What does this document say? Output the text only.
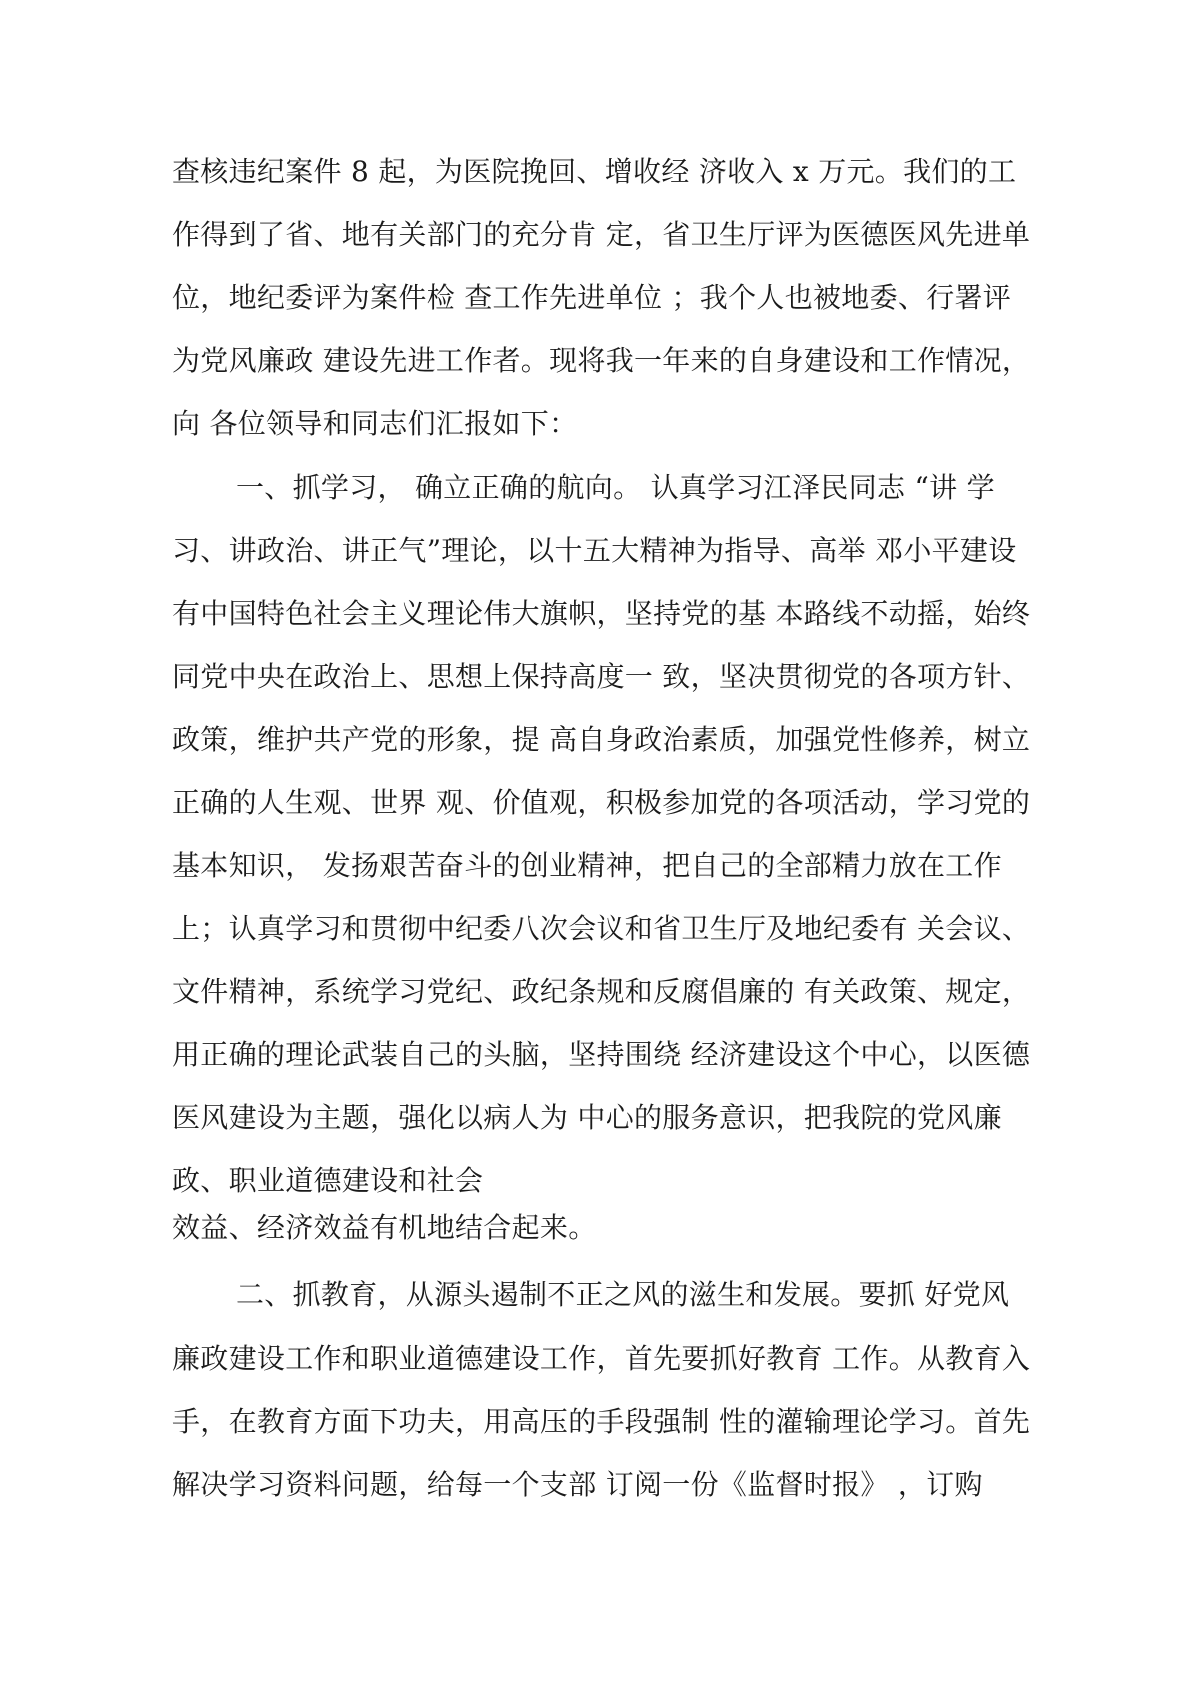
查核违纪案件 8 起，为医院挽回、增收经 济收入 x 万元。我们的工
作得到了省、地有关部门的充分肯 定，省卫生厅评为医德医风先进单
位，地纪委评为案件检 查工作先进单位 ；我个人也被地委、行署评
为党风廉政 建设先进工作者。现将我一年来的自身建设和工作情况，
向 各位领导和同志们汇报如下：
一、抓学习， 确立正确的航向。 认真学习江泽民同志 “讲 学
习、讲政治、讲正气”理论，以十五大精神为指导、高举 邓小平建设
有中国特色社会主义理论伟大旗帜，坚持党的基 本路线不动摇，始终
同党中央在政治上、思想上保持高度一 致，坚决贯彻党的各项方针、
政策，维护共产党的形象，提 高自身政治素质，加强党性修养，树立
正确的人生观、世界 观、价值观，积极参加党的各项活动，学习党的
基本知识， 发扬艰苦奋斗的创业精神，把自己的全部精力放在工作
上；认真学习和贯彻中纪委八次会议和省卫生厅及地纪委有 关会议、
文件精神，系统学习党纪、政纪条规和反腐倡廉的 有关政策、规定，
用正确的理论武装自己的头脑，坚持围绕 经济建设这个中心，以医德
医风建设为主题，强化以病人为 中心的服务意识，把我院的党风廉
政、职业道德建设和社会
效益、经济效益有机地结合起来。
二、抓教育，从源头遏制不正之风的滋生和发展。要抓 好党风
廉政建设工作和职业道德建设工作，首先要抓好教育 工作。从教育入
手，在教育方面下功夫，用高压的手段强制 性的灌输理论学习。首先
解决学习资料问题，给每一个支部 订阅一份《监督时报》 ，订购
